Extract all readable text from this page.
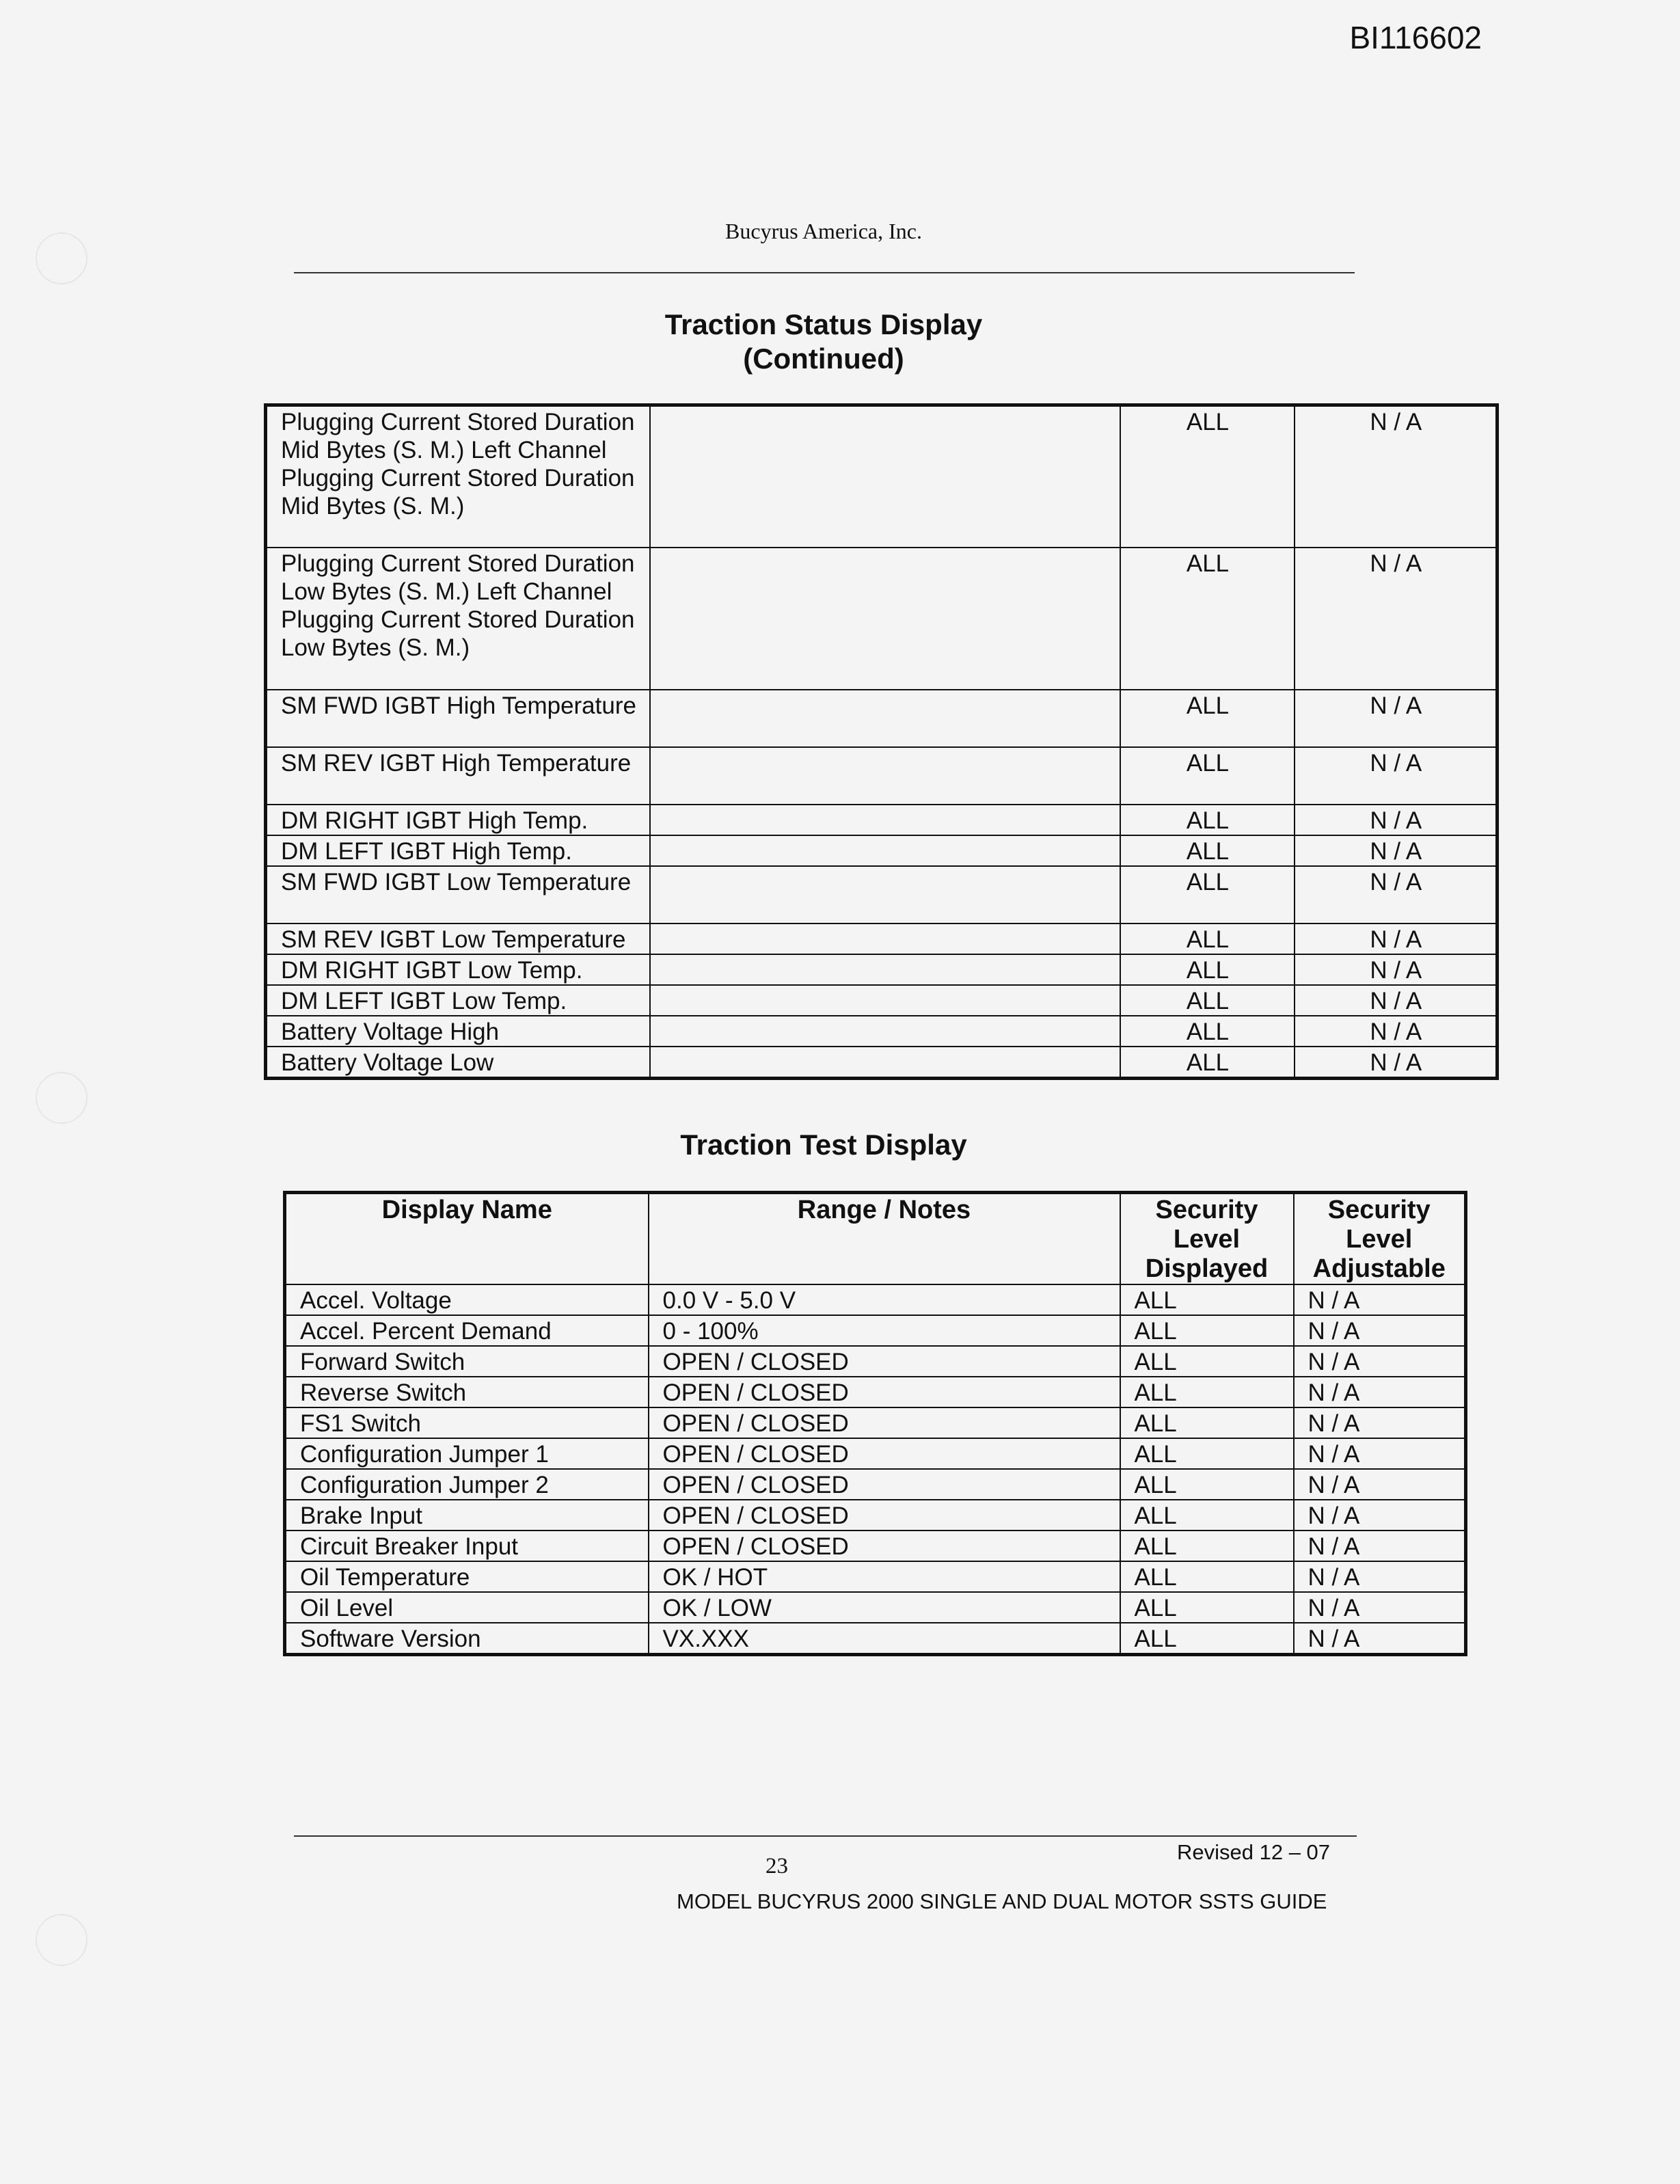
BI116602
Bucyrus America, Inc.
Traction Status Display
(Continued)
Plugging Current Stored Duration Mid Bytes (S. M.) Left Channel Plugging Current Stored Duration Mid Bytes (S. M.)		ALL	N / A
Plugging Current Stored Duration Low Bytes (S. M.) Left Channel Plugging Current Stored Duration Low Bytes (S. M.)		ALL	N / A
SM FWD IGBT High Temperature		ALL	N / A
SM REV IGBT High Temperature		ALL	N / A
DM RIGHT IGBT High Temp.		ALL	N / A
DM LEFT IGBT High Temp.		ALL	N / A
SM FWD IGBT Low Temperature		ALL	N / A
SM REV IGBT Low Temperature		ALL	N / A
DM RIGHT IGBT Low Temp.		ALL	N / A
DM LEFT IGBT Low Temp.		ALL	N / A
Battery Voltage High		ALL	N / A
Battery Voltage Low		ALL	N / A
Traction Test Display
Display Name	Range / Notes	Security Level Displayed	Security Level Adjustable
Accel. Voltage	0.0 V - 5.0 V	ALL	N / A
Accel. Percent Demand	0 - 100%	ALL	N / A
Forward Switch	OPEN / CLOSED	ALL	N / A
Reverse Switch	OPEN / CLOSED	ALL	N / A
FS1 Switch	OPEN / CLOSED	ALL	N / A
Configuration Jumper 1	OPEN / CLOSED	ALL	N / A
Configuration Jumper 2	OPEN / CLOSED	ALL	N / A
Brake Input	OPEN / CLOSED	ALL	N / A
Circuit Breaker Input	OPEN / CLOSED	ALL	N / A
Oil Temperature	OK / HOT	ALL	N / A
Oil Level	OK / LOW	ALL	N / A
Software Version	VX.XXX	ALL	N / A
23
Revised 12 – 07
MODEL BUCYRUS 2000 SINGLE AND DUAL MOTOR SSTS GUIDE
